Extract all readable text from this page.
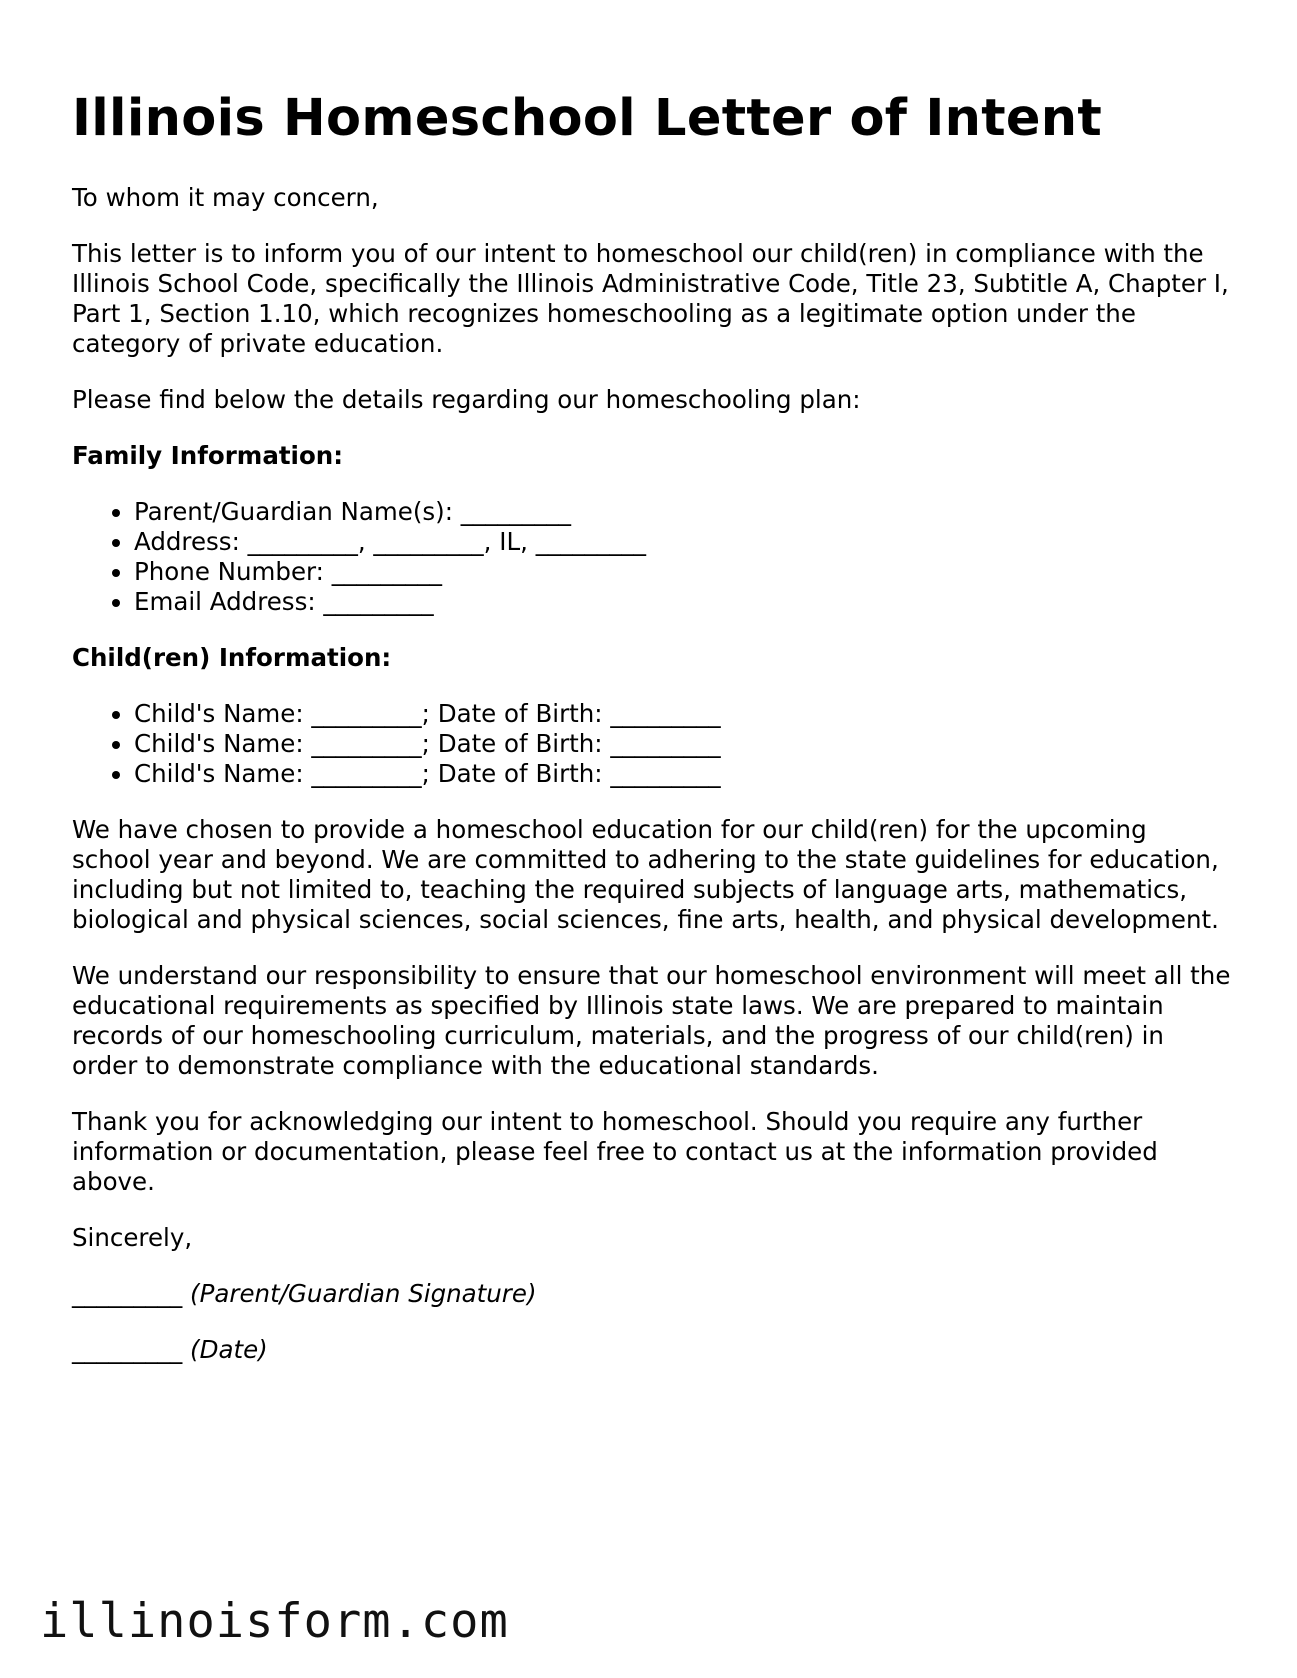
Illinois Homeschool Letter of Intent

To whom it may concern,

This letter is to inform you of our intent to homeschool our child(ren) in compliance with the Illinois School Code, specifically the Illinois Administrative Code, Title 23, Subtitle A, Chapter I, Part 1, Section 1.10, which recognizes homeschooling as a legitimate option under the category of private education.

Please find below the details regarding our homeschooling plan:

Family Information:

• Parent/Guardian Name(s): _________
• Address: _________, _________, IL, _________
• Phone Number: _________
• Email Address: _________

Child(ren) Information:

• Child's Name: _________; Date of Birth: _________
• Child's Name: _________; Date of Birth: _________
• Child's Name: _________; Date of Birth: _________

We have chosen to provide a homeschool education for our child(ren) for the upcoming school year and beyond. We are committed to adhering to the state guidelines for education, including but not limited to, teaching the required subjects of language arts, mathematics, biological and physical sciences, social sciences, fine arts, health, and physical development.

We understand our responsibility to ensure that our homeschool environment will meet all the educational requirements as specified by Illinois state laws. We are prepared to maintain records of our homeschooling curriculum, materials, and the progress of our child(ren) in order to demonstrate compliance with the educational standards.

Thank you for acknowledging our intent to homeschool. Should you require any further information or documentation, please feel free to contact us at the information provided above.

Sincerely,

_________ (Parent/Guardian Signature)

_________ (Date)

illinoisform.com
